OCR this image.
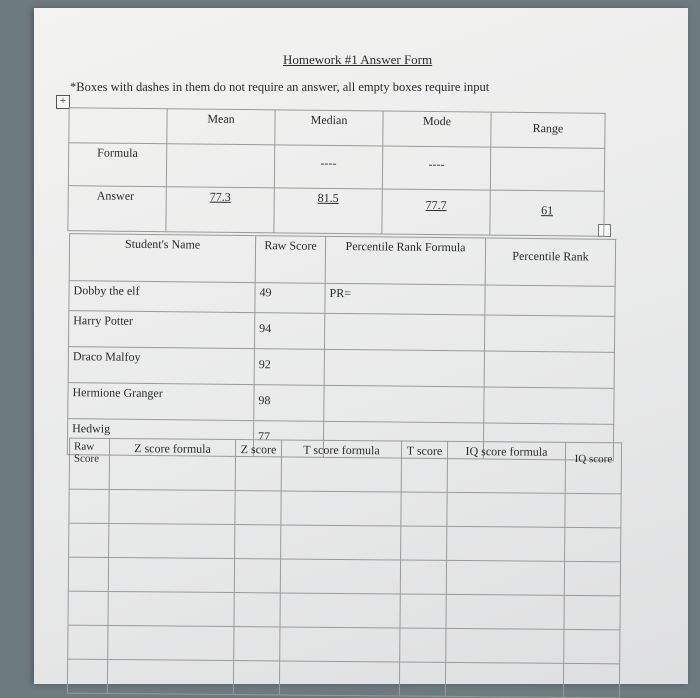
Homework #1 Answer Form
*Boxes with dashes in them do not require an answer, all empty boxes require input
+
	Mean	Median	Mode	Range
Formula		----	----	
Answer	77.3	81.5	77.7	61
Student's Name	Raw Score	Percentile Rank Formula	Percentile Rank
Dobby the elf	49	PR=	
Harry Potter	94		
Draco Malfoy	92		
Hermione Granger	98		
Hedwig	77		
Raw Score	Z score formula	Z score	T score formula	T score	IQ score formula	IQ score
